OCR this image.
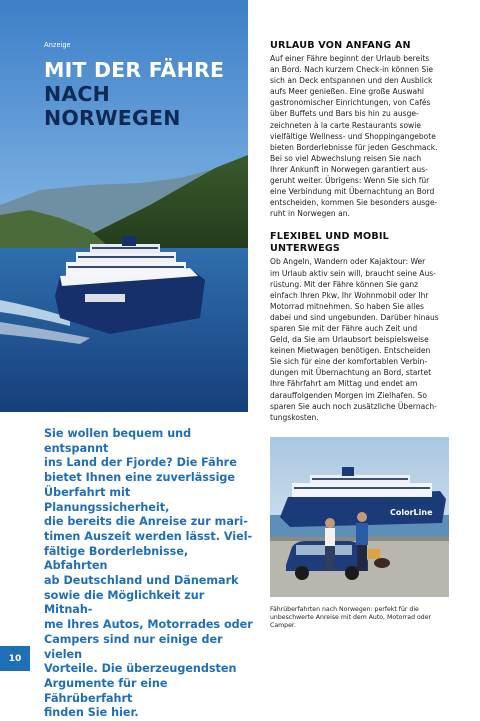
Anzeige
MIT DER FÄHRE
NACH NORWEGEN
URLAUB VON ANFANG AN
Auf einer Fähre beginnt der Urlaub bereits
an Bord. Nach kurzem Check-in können Sie
sich an Deck entspannen und den Ausblick
aufs Meer genießen. Eine große Auswahl
gastronomischer Einrichtungen, von Cafés
über Buffets und Bars bis hin zu ausge-
zeichneten à la carte Restaurants sowie
vielfältige Wellness- und Shoppingangebote
bieten Borderlebnisse für jeden Geschmack.
Bei so viel Abwechslung reisen Sie nach
Ihrer Ankunft in Norwegen garantiert aus-
geruht weiter. Übrigens: Wenn Sie sich für
eine Verbindung mit Übernachtung an Bord
entscheiden, kommen Sie besonders ausge-
ruht in Norwegen an.
FLEXIBEL UND MOBIL UNTERWEGS
Ob Angeln, Wandern oder Kajaktour: Wer
im Urlaub aktiv sein will, braucht seine Aus-
rüstung. Mit der Fähre können Sie ganz
einfach Ihren Pkw, Ihr Wohnmobil oder Ihr
Motorrad mitnehmen. So haben Sie alles
dabei und sind ungebunden. Darüber hinaus
sparen Sie mit der Fähre auch Zeit und
Geld, da Sie am Urlaubsort beispielsweise
keinen Mietwagen benötigen. Entscheiden
Sie sich für eine der komfortablen Verbin-
dungen mit Übernachtung an Bord, startet
Ihre Fährfahrt am Mittag und endet am
darauffolgenden Morgen im Zielhafen. So
sparen Sie auch noch zusätzliche Übernach-
tungskosten.
Sie wollen bequem und entspannt
ins Land der Fjorde? Die Fähre
bietet Ihnen eine zuverlässige
Überfahrt mit Planungssicherheit,
die bereits die Anreise zur mari-
timen Auszeit werden lässt. Viel-
fältige Borderlebnisse, Abfahrten
ab Deutschland und Dänemark
sowie die Möglichkeit zur Mitnah-
me Ihres Autos, Motorrades oder
Campers sind nur einige der vielen
Vorteile. Die überzeugendsten
Argumente für eine Fährüberfahrt
finden Sie hier.
ColorLine
Fährüberfahrten nach Norwegen: perfekt für die
unbeschwerte Anreise mit dem Auto, Motorrad oder
Camper.
10
